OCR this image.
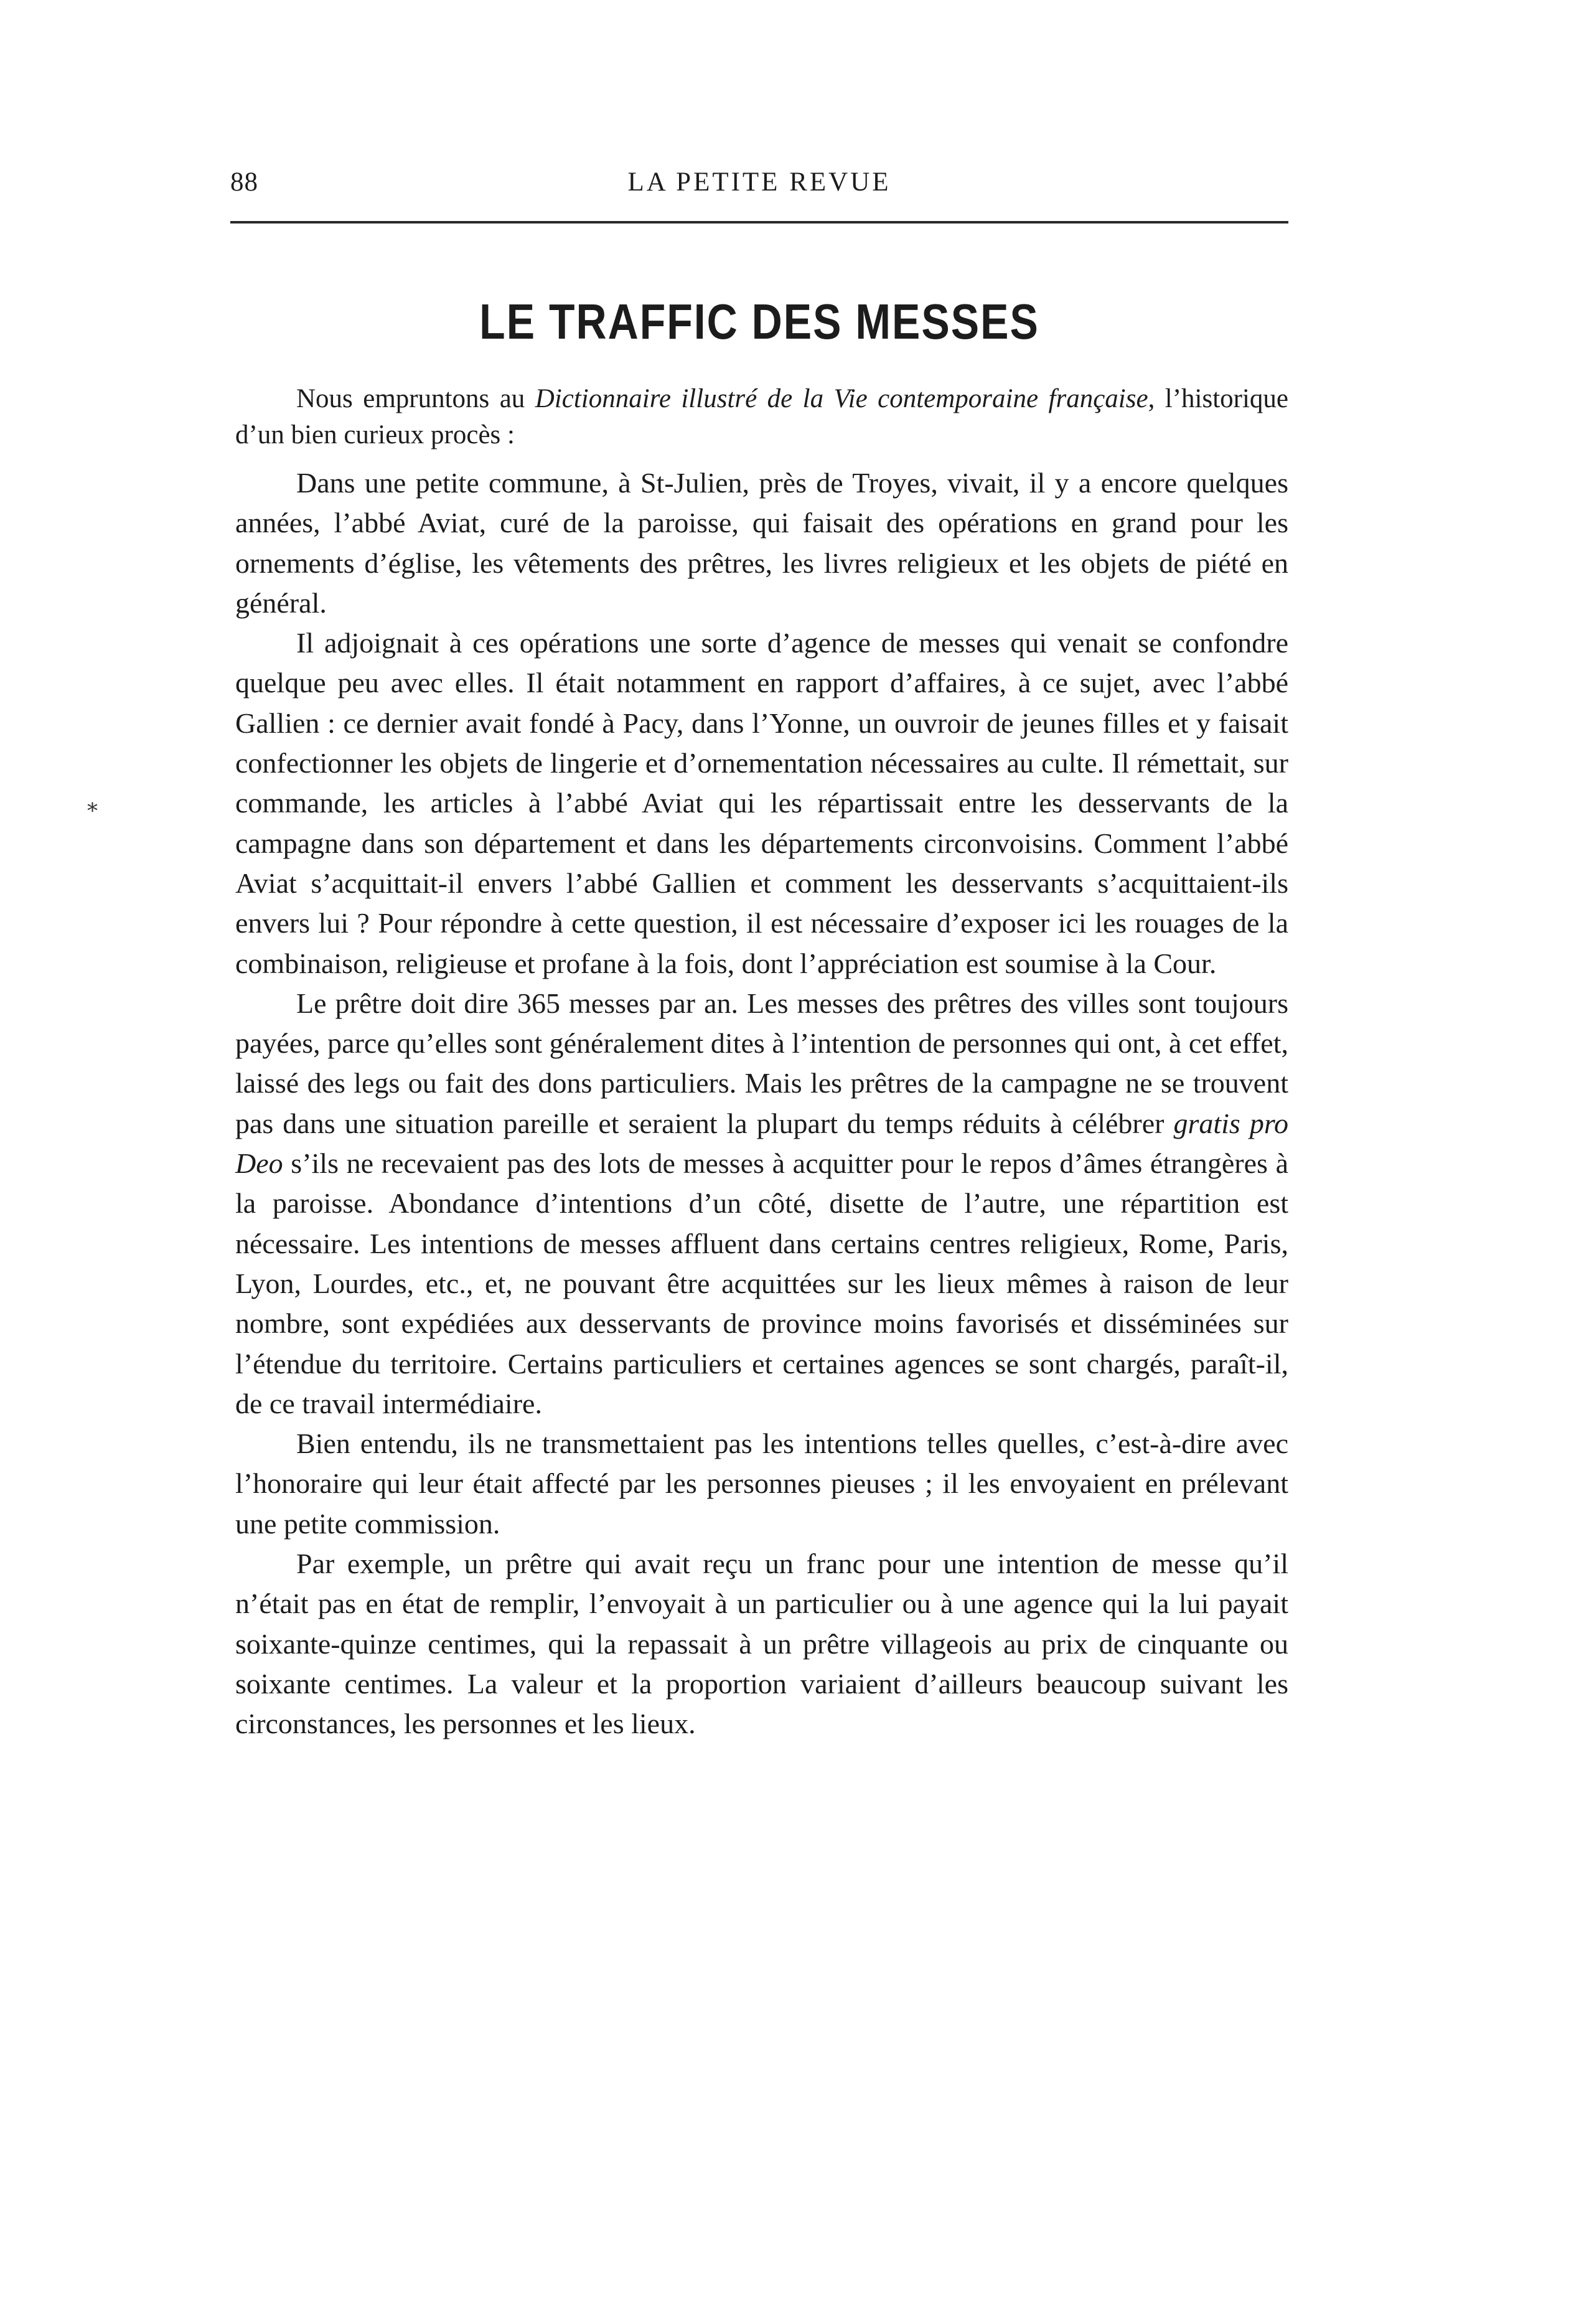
88	LA PETITE REVUE
LE TRAFFIC DES MESSES

Nous empruntons au Dictionnaire illustré de la Vie contemporaine française, l’historique d’un bien curieux procès :

Dans une petite commune, à St-Julien, près de Troyes, vivait, il y a encore quelques années, l’abbé Aviat, curé de la paroisse, qui faisait des opérations en grand pour les ornements d’église, les vêtements des prêtres, les livres religieux et les objets de piété en général.

Il adjoignait à ces opérations une sorte d’agence de messes qui venait se confondre quelque peu avec elles. Il était notamment en rapport d’affaires, à ce sujet, avec l’abbé Gallien : ce dernier avait fondé à Pacy, dans l’Yonne, un ouvroir de jeunes filles et y faisait confectionner les objets de lingerie et d’ornementation nécessaires au culte. Il rémettait, sur commande, les articles à l’abbé Aviat qui les répartissait entre les desservants de la campagne dans son département et dans les départements circonvoisins. Comment l’abbé Aviat s’acquittait-il envers l’abbé Gallien et comment les desservants s’acquittaient-ils envers lui ? Pour répondre à cette question, il est nécessaire d’exposer ici les rouages de la combinaison, religieuse et profane à la fois, dont l’appréciation est soumise à la Cour.

Le prêtre doit dire 365 messes par an. Les messes des prêtres des villes sont toujours payées, parce qu’elles sont généralement dites à l’intention de personnes qui ont, à cet effet, laissé des legs ou fait des dons particuliers. Mais les prêtres de la campagne ne se trouvent pas dans une situation pareille et seraient la plupart du temps réduits à célébrer gratis pro Deo s’ils ne recevaient pas des lots de messes à acquitter pour le repos d’âmes étrangères à la paroisse. Abondance d’intentions d’un côté, disette de l’autre, une répartition est nécessaire. Les intentions de messes affluent dans certains centres religieux, Rome, Paris, Lyon, Lourdes, etc., et, ne pouvant être acquittées sur les lieux mêmes à raison de leur nombre, sont expédiées aux desservants de province moins favorisés et disséminées sur l’étendue du territoire. Certains particuliers et certaines agences se sont chargés, paraît-il, de ce travail intermédiaire.

Bien entendu, ils ne transmettaient pas les intentions telles quelles, c’est-à-dire avec l’honoraire qui leur était affecté par les personnes pieuses ; il les envoyaient en prélevant une petite commission.

Par exemple, un prêtre qui avait reçu un franc pour une intention de messe qu’il n’était pas en état de remplir, l’envoyait à un particulier ou à une agence qui la lui payait soixante-quinze centimes, qui la repassait à un prêtre villageois au prix de cinquante ou soixante centimes. La valeur et la proportion variaient d’ailleurs beaucoup suivant les circonstances, les personnes et les lieux.

⁎
